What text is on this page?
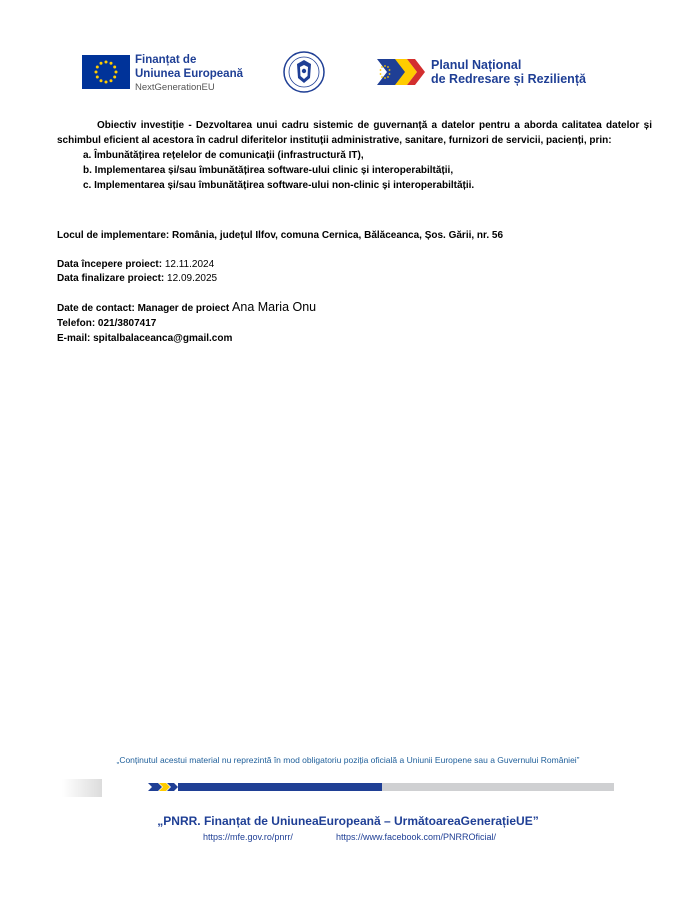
Finanțat de
Uniunea Europeană
NextGenerationEU
Planul Național
de Redresare și Reziliență

Obiectiv investiție - Dezvoltarea unui cadru sistemic de guvernanță a datelor pentru a aborda calitatea datelor și schimbul eficient al acestora în cadrul diferitelor instituții administrative, sanitare, furnizori de servicii, pacienți, prin:

a. Îmbunătățirea rețelelor de comunicații (infrastructură IT),

b. Implementarea și/sau îmbunătățirea software-ului clinic și interoperabiltății,

c. Implementarea și/sau îmbunătățirea software-ului non-clinic și interoperabiltății.

Locul de implementare: România, județul Ilfov, comuna Cernica, Bălăceanca, Șos. Gării, nr. 56

Data începere proiect: 12.11.2024

Data finalizare proiect: 12.09.2025

Date de contact: Manager de proiect Ana Maria Onu

Telefon: 021/3807417

E-mail: spitalbalaceanca@gmail.com

„Conținutul acestui material nu reprezintă în mod obligatoriu poziția oficială a Uniunii Europene sau a Guvernului României”
„PNRR. Finanțat de UniuneaEuropeană – UrmătoareaGenerațieUE”
https://mfe.gov.ro/pnrr/	https://www.facebook.com/PNRROficial/
